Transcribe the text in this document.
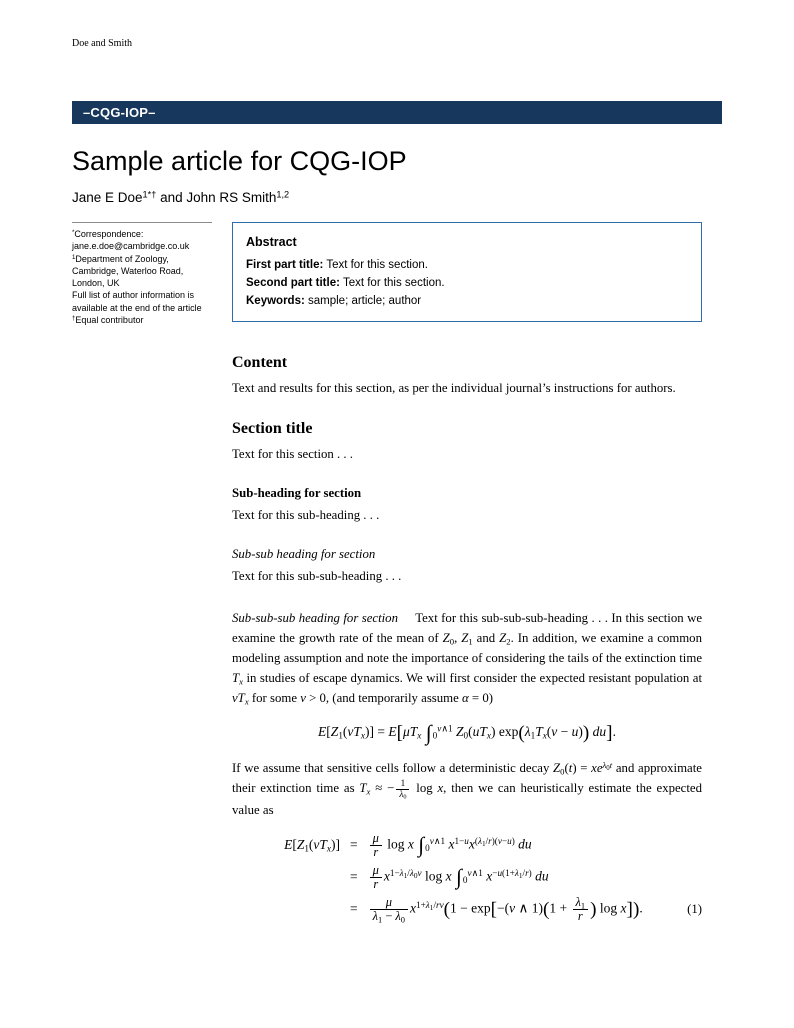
Doe and Smith
–CQG-IOP–
Sample article for CQG-IOP
Jane E Doe$^{1*\dagger}$ and John RS Smith$^{1,2}$
*Correspondence:
jane.e.doe@cambridge.co.uk
$^1$Department of Zoology,
Cambridge, Waterloo Road,
London, UK
Full list of author information is
available at the end of the article
†Equal contributor
Abstract

First part title: Text for this section.

Second part title: Text for this section.

Keywords: sample; article; author

Content

Text and results for this section, as per the individual journal’s instructions for authors.

Section title

Text for this section . . .

Sub-heading for section

Text for this sub-heading . . .

Sub-sub heading for section

Text for this sub-sub-heading . . .

Sub-sub-sub heading for section Text for this sub-sub-sub-heading . . . In this section we examine the growth rate of the mean of $Z_0$, $Z_1$ and $Z_2$. In addition, we examine a common modeling assumption and note the importance of considering the tails of the extinction time $T_x$ in studies of escape dynamics. We will first consider the expected resistant population at $vT_x$ for some v > 0, (and temporarily assume α = 0)

$E[Z_1(vT_x)] = E[\mu T_x$ $\int_0^{v\wedge 1}$ $Z_0(uT_x) \exp(\lambda_1T_x(v - u))$ du].

If we assume that sensitive cells follow a deterministic decay $Z_0(t) = xe^{\lambda_0t}$ and approximate their extinction time as $T_x$ ≈ − $\frac{1}{\lambda_0}$ log x, then we can heuristically estimate the expected value as

$E[Z_1(vT_x)] = \frac{\mu}{r}$ log x $\int_0^{v\wedge 1}$ $x^{1-u}x^{(\lambda_1/r)(v-u)}$ du
= $\frac{\mu}{r} x^{1-\lambda_1/\lambda_0v}$ log x $\int_0^{v\wedge 1}$ $x^{-u(1+\lambda_1/r)}$ du
= $\frac{\mu}{\lambda_1 - \lambda_0} x^{1+\lambda_1/rv}(1 - \exp[-(v$ ∧ $1)(1 + \frac{\lambda_1}{r}$ ) log x]).	(1)
